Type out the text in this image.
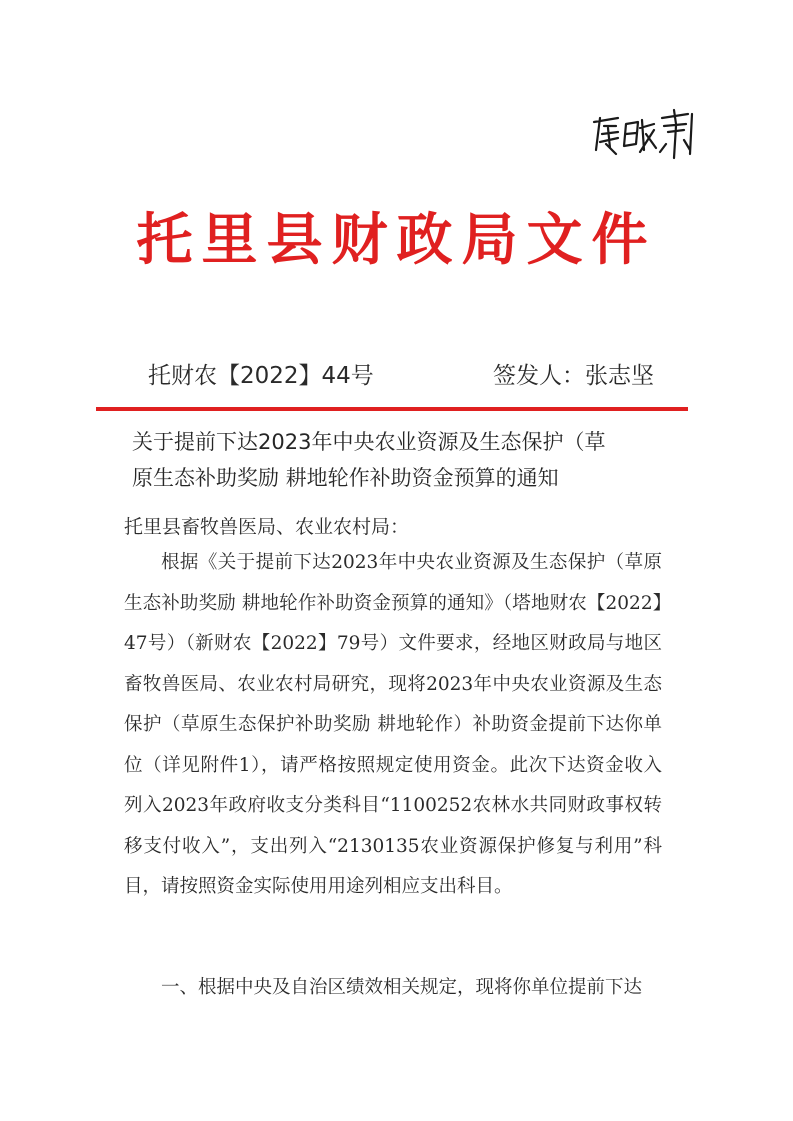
托里县财政局文件
托财农【2022】44号	签发人：张志坚
关于提前下达2023年中央农业资源及生态保护（草
原生态补助奖励 耕地轮作补助资金预算的通知
托里县畜牧兽医局、农业农村局：

根据《关于提前下达2023年中央农业资源及生态保护（草原生态补助奖励 耕地轮作补助资金预算的通知》（塔地财农【2022】47号）（新财农【2022】79号）文件要求，经地区财政局与地区畜牧兽医局、农业农村局研究，现将2023年中央农业资源及生态保护（草原生态保护补助奖励 耕地轮作）补助资金提前下达你单位（详见附件1），请严格按照规定使用资金。此次下达资金收入列入2023年政府收支分类科目“1100252农林水共同财政事权转移支付收入”，支出列入“2130135农业资源保护修复与利用”科目，请按照资金实际使用用途列相应支出科目。

一、根据中央及自治区绩效相关规定，现将你单位提前下达
